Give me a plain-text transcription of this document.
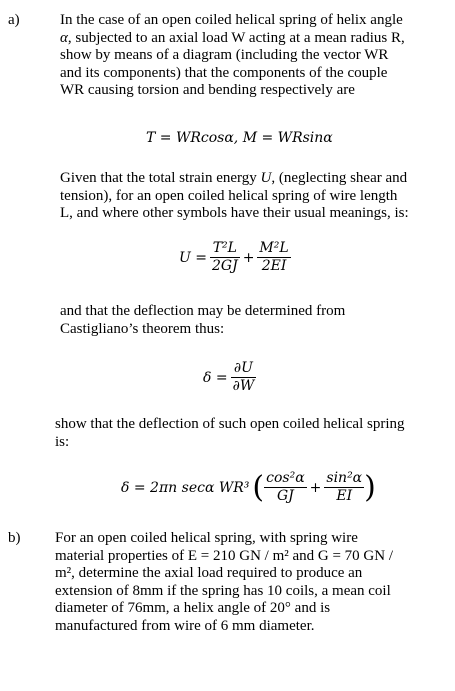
a)	In the case of an open coiled helical spring of helix angle
α, subjected to an axial load W acting at a mean radius R,
show by means of a diagram (including the vector WR
and its components) that the components of the couple
WR causing torsion and bending respectively are
T = WRcosα, M = WRsinα
Given that the total strain energy U, (neglecting shear and
tension), for an open coiled helical spring of wire length
L, and where other symbols have their usual meanings, is:
$U = \frac{\text{T²L}}{2GJ} + \frac{\text{M²L}}{2EI}$
and that the deflection may be determined from
Castigliano’s theorem thus:
$\delta = \frac{\partial U}{\partial W}$
show that the deflection of such open coiled helical spring
is:
δ = 2πn secα WR³ ( $\frac{\text{cos²α}}{GJ} + \frac{\text{sin²α}}{EI}$ )
b) For an open coiled helical spring, with spring wire
material properties of E = 210 GN / m² and G = 70 GN /
m², determine the axial load required to produce an
extension of 8mm if the spring has 10 coils, a mean coil
diameter of 76mm, a helix angle of 20° and is
manufactured from wire of 6 mm diameter.
